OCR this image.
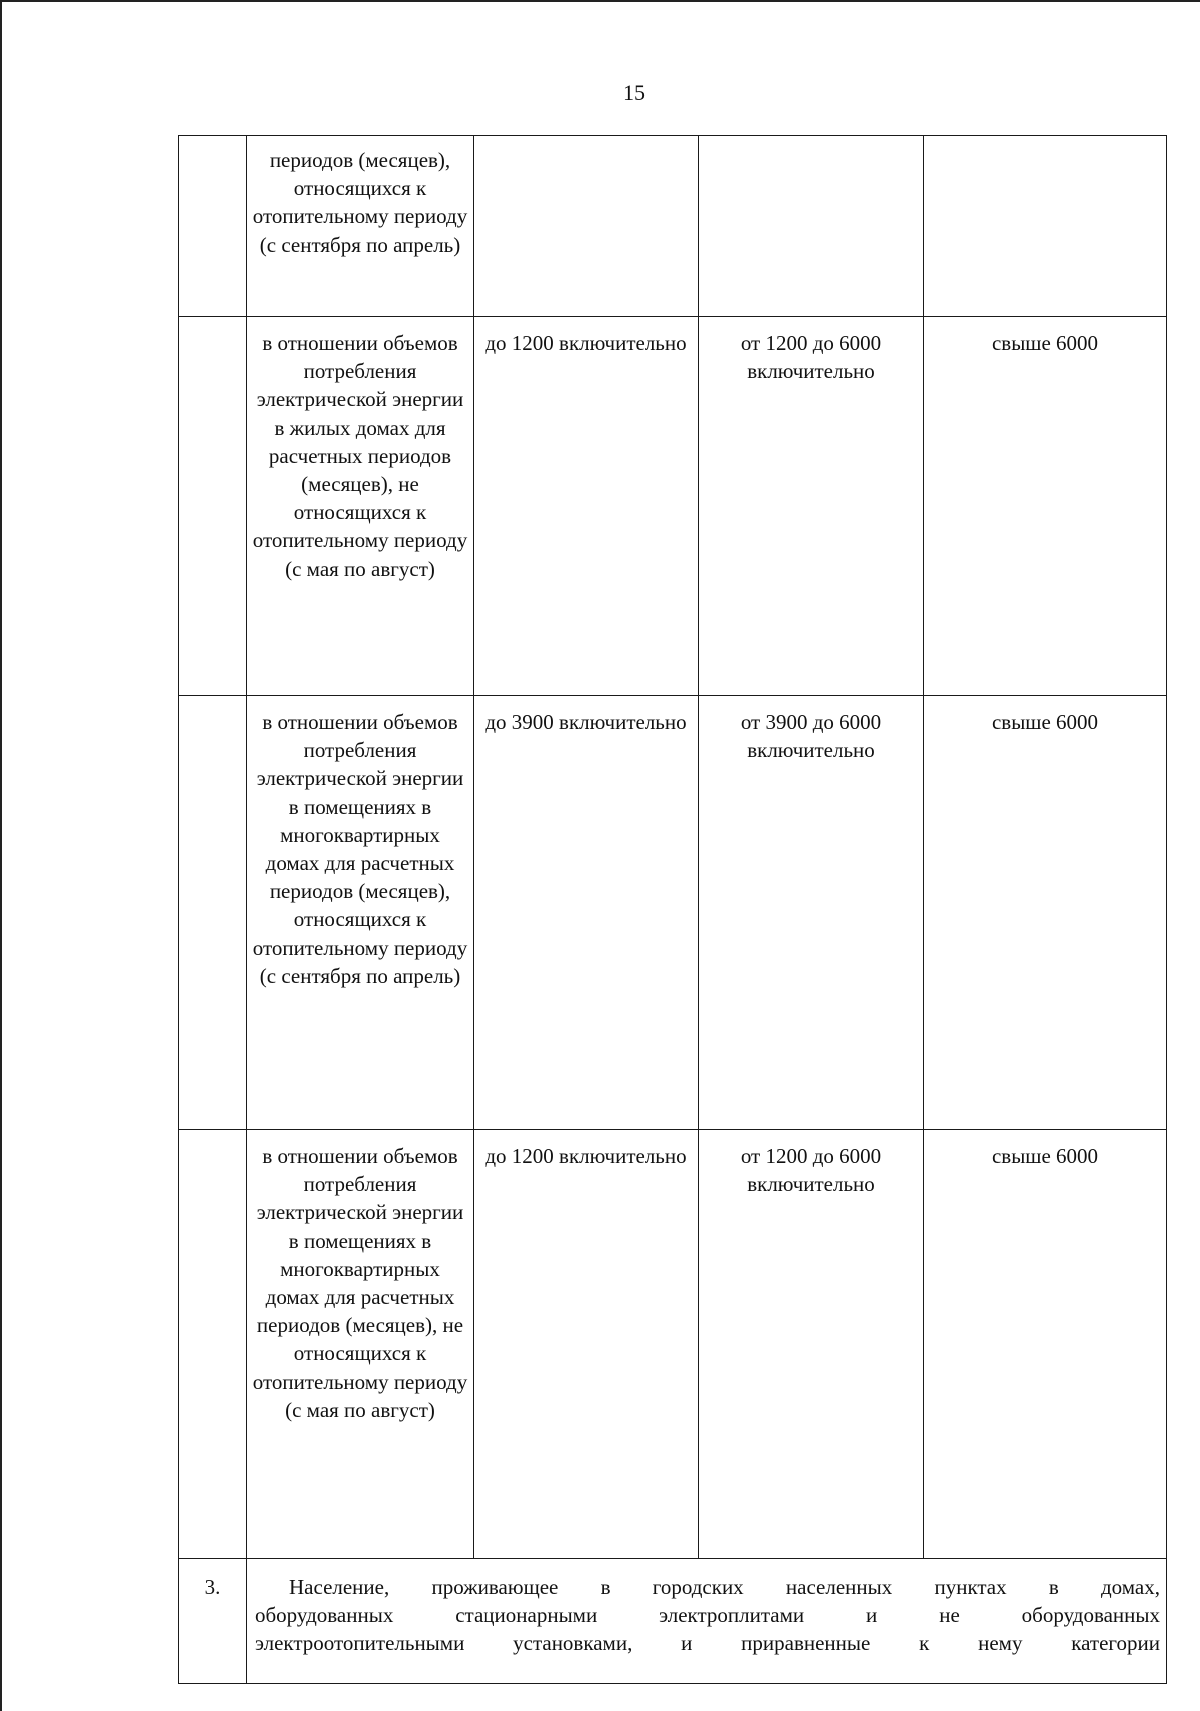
15
	периодов (месяцев), относящихся к отопительному периоду (с сентября по апрель)			
	в отношении объемов потребления электрической энергии в жилых домах для расчетных периодов (месяцев), не относящихся к отопительному периоду (с мая по август)	до 1200 включительно	от 1200 до 6000 включительно	свыше 6000
	в отношении объемов потребления электрической энергии в помещениях в многоквартирных домах для расчетных периодов (месяцев), относящихся к отопительному периоду (с сентября по апрель)	до 3900 включительно	от 3900 до 6000 включительно	свыше 6000
	в отношении объемов потребления электрической энергии в помещениях в многоквартирных домах для расчетных периодов (месяцев), не относящихся к отопительному периоду (с мая по август)	до 1200 включительно	от 1200 до 6000 включительно	свыше 6000
3.	Население, проживающее в городских населенных пунктах в домах,
оборудованных стационарными электроплитами и не оборудованных
электроотопительными установками, и приравненные к нему категории			
